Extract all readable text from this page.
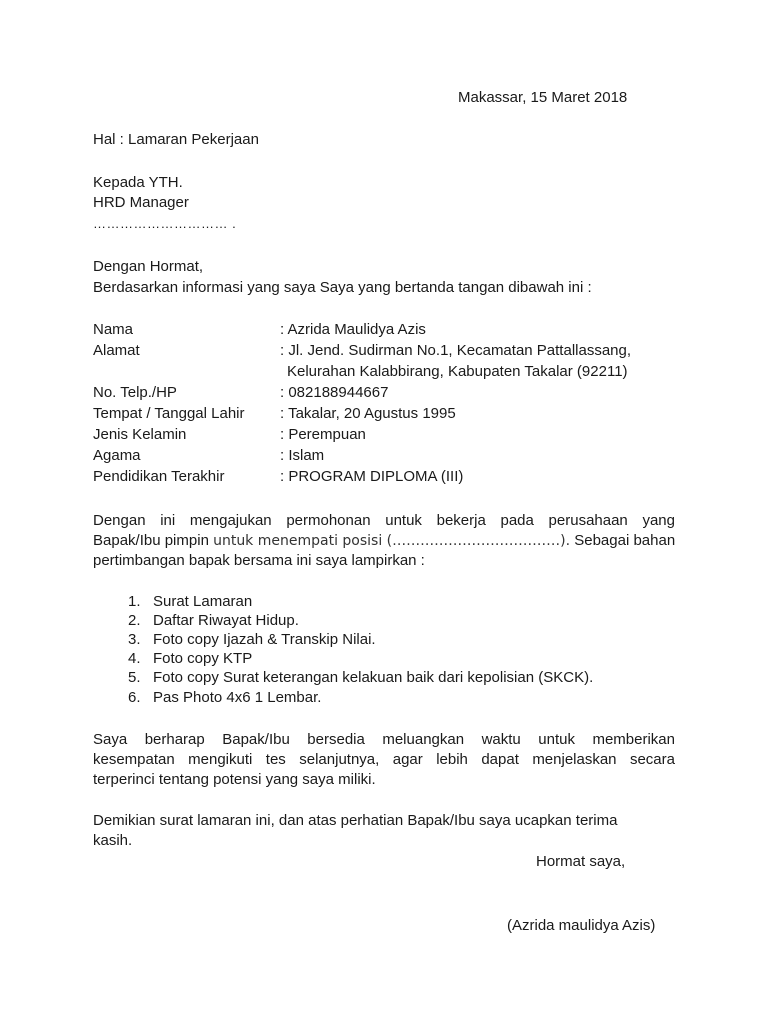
Makassar, 15 Maret 2018
Hal : Lamaran Pekerjaan
Kepada YTH.
HRD Manager
………………………… .
Dengan Hormat,
Berdasarkan informasi yang saya Saya yang bertanda tangan dibawah ini :
Nama	: Azrida Maulidya Azis
Alamat	: Jl. Jend. Sudirman No.1, Kecamatan Pattallassang,
Kelurahan Kalabbirang, Kabupaten Takalar (92211)
No. Telp./HP	: 082188944667
Tempat / Tanggal Lahir : Takalar, 20 Agustus 1995
Jenis Kelamin	: Perempuan
Agama	: Islam
Pendidikan Terakhir	: PROGRAM DIPLOMA (III)
Dengan ini mengajukan permohonan untuk bekerja pada perusahaan yang
Bapak/Ibu pimpin untuk menempati posisi (………………………………). Sebagai bahan
pertimbangan bapak bersama ini saya lampirkan :
1. Surat Lamaran
2. Daftar Riwayat Hidup.
3. Foto copy Ijazah & Transkip Nilai.
4. Foto copy KTP
5. Foto copy Surat keterangan kelakuan baik dari kepolisian (SKCK).
6. Pas Photo 4x6 1 Lembar.
Saya berharap Bapak/Ibu bersedia meluangkan waktu untuk memberikan
kesempatan mengikuti tes selanjutnya, agar lebih dapat menjelaskan secara
terperinci tentang potensi yang saya miliki.
Demikian surat lamaran ini, dan atas perhatian Bapak/Ibu saya ucapkan terima
kasih.
Hormat saya,
(Azrida maulidya Azis)
